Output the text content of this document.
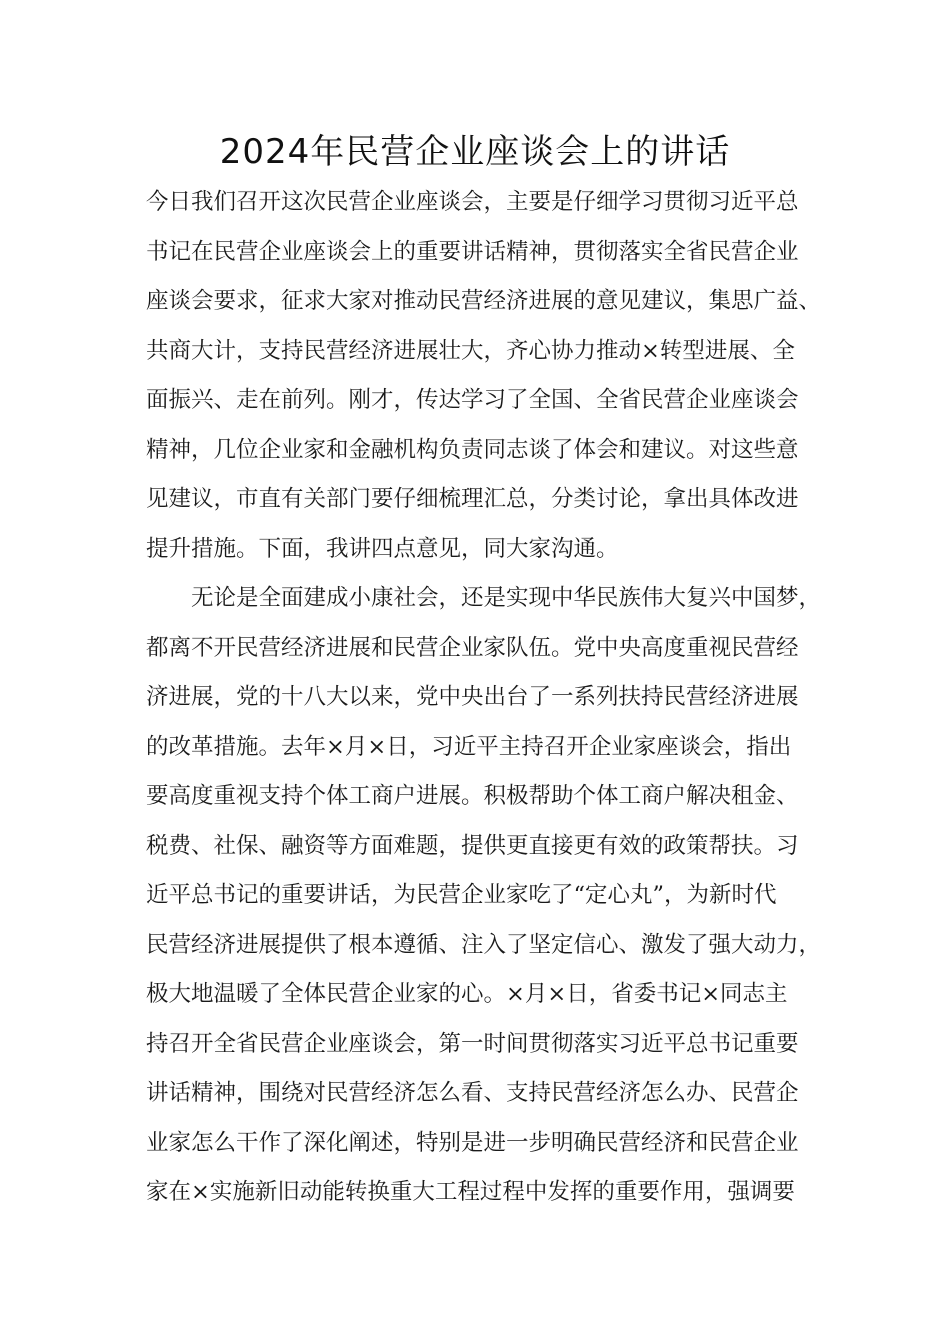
2024年民营企业座谈会上的讲话
今日我们召开这次民营企业座谈会，主要是仔细学习贯彻习近平总
书记在民营企业座谈会上的重要讲话精神，贯彻落实全省民营企业
座谈会要求，征求大家对推动民营经济进展的意见建议，集思广益、
共商大计，支持民营经济进展壮大，齐心协力推动×转型进展、全
面振兴、走在前列。刚才，传达学习了全国、全省民营企业座谈会
精神，几位企业家和金融机构负责同志谈了体会和建议。对这些意
见建议，市直有关部门要仔细梳理汇总，分类讨论，拿出具体改进
提升措施。下面，我讲四点意见，同大家沟通。
　　无论是全面建成小康社会，还是实现中华民族伟大复兴中国梦，
都离不开民营经济进展和民营企业家队伍。党中央高度重视民营经
济进展，党的十八大以来，党中央出台了一系列扶持民营经济进展
的改革措施。去年×月×日，习近平主持召开企业家座谈会，指出
要高度重视支持个体工商户进展。积极帮助个体工商户解决租金、
税费、社保、融资等方面难题，提供更直接更有效的政策帮扶。习
近平总书记的重要讲话，为民营企业家吃了“定心丸”，为新时代
民营经济进展提供了根本遵循、注入了坚定信心、激发了强大动力，
极大地温暖了全体民营企业家的心。×月×日，省委书记×同志主
持召开全省民营企业座谈会，第一时间贯彻落实习近平总书记重要
讲话精神，围绕对民营经济怎么看、支持民营经济怎么办、民营企
业家怎么干作了深化阐述，特别是进一步明确民营经济和民营企业
家在×实施新旧动能转换重大工程过程中发挥的重要作用，强调要
